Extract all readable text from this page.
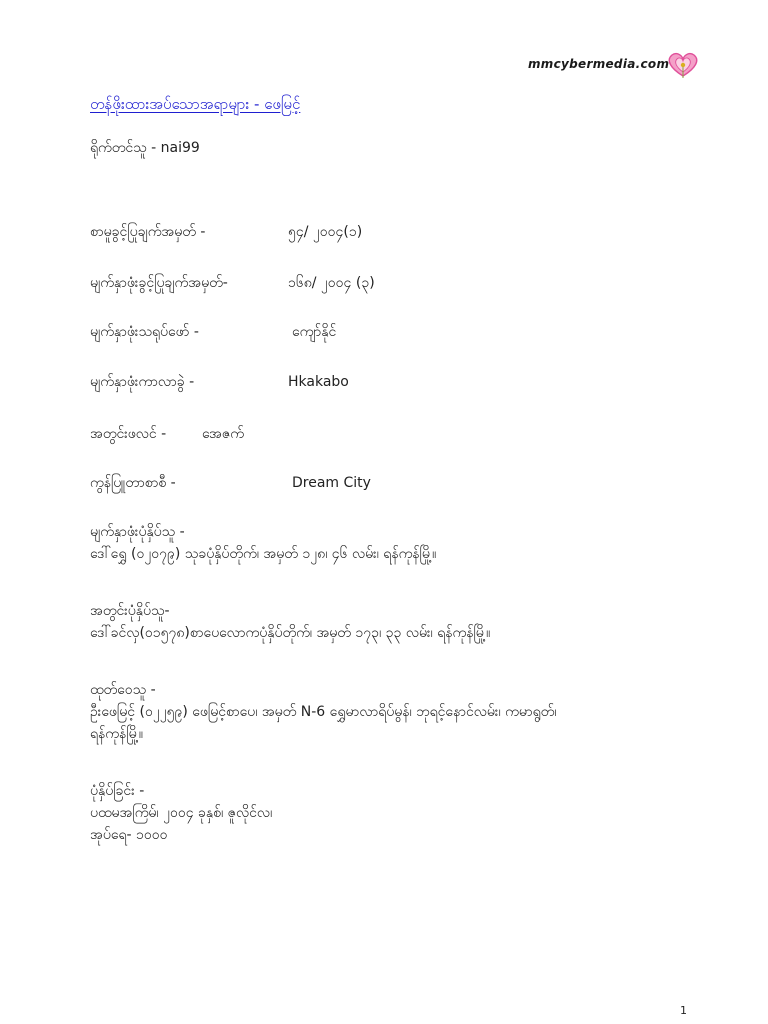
mmcybermedia.com
တန်ဖိုးထားအပ်သောအရာများ - ဖေမြင့်
ရိုက်တင်သူ - nai99
စာမူခွင့်ပြုချက်အမှတ် -	၅၄/ ၂၀၀၄(၁)
မျက်နှာဖုံးခွင့်ပြုချက်အမှတ်-	၁၆၈/ ၂၀၀၄ (၃)
မျက်နှာဖုံးသရုပ်ဖော် -	ကျော်နိုင်
မျက်နှာဖုံးကာလာခွဲ -	Hkakabo
အတွင်းဖလင် -	အေဇက်
ကွန်ပြူတာစာစီ -	Dream City
မျက်နှာဖုံးပုံနှိပ်သူ -
ဒေါ်ရွှေ (၀၂၀၇၉) သုခပုံနှိပ်တိုက်၊ အမှတ် ၁၂၈၊ ၄၆ လမ်း၊ ရန်ကုန်မြို့။
အတွင်းပုံနှိပ်သူ-
ဒေါ်ခင်လှ(၀၁၅၇၈)စာပေလောကပုံနှိပ်တိုက်၊ အမှတ် ၁၇၃၊ ၃၃ လမ်း၊ ရန်ကုန်မြို့။
ထုတ်ဝေသူ -
ဦးဖေမြင့် (၀၂၂၅၉) ဖေမြင့်စာပေ၊ အမှတ် N-6 ရွှေမာလာရိပ်မွန်၊ ဘုရင့်နောင်လမ်း၊ ကမာရွတ်၊
ရန်ကုန်မြို့။
ပုံနှိပ်ခြင်း -
ပထမအကြိမ်၊ ၂၀၀၄ ခုနှစ်၊ ဇူလိုင်လ၊
အုပ်ရေ- ၁၀၀၀
1
